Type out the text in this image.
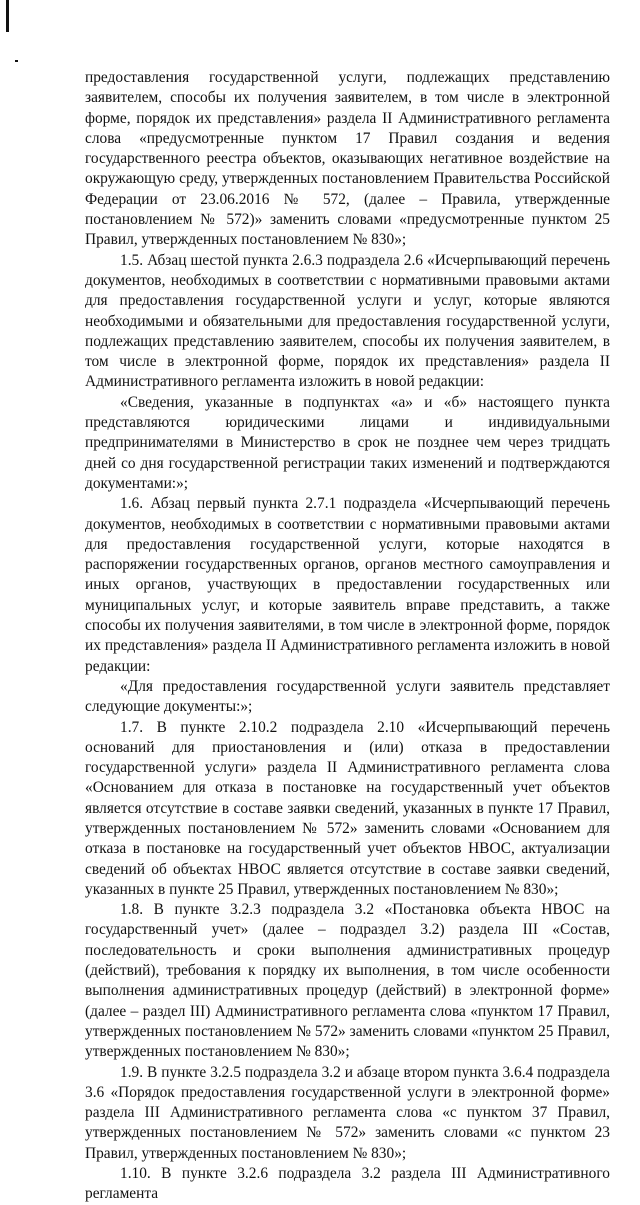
предоставления государственной услуги, подлежащих представлению заявителем, способы их получения заявителем, в том числе в электронной форме, порядок их представления» раздела II Административного регламента слова «предусмотренные пунктом 17 Правил создания и ведения государственного реестра объектов, оказывающих негативное воздействие на окружающую среду, утвержденных постановлением Правительства Российской Федерации от 23.06.2016 № 572, (далее – Правила, утвержденные постановлением № 572)» заменить словами «предусмотренные пунктом 25 Правил, утвержденных постановлением № 830»;

1.5. Абзац шестой пункта 2.6.3 подраздела 2.6 «Исчерпывающий перечень документов, необходимых в соответствии с нормативными правовыми актами для предоставления государственной услуги и услуг, которые являются необходимыми и обязательными для предоставления государственной услуги, подлежащих представлению заявителем, способы их получения заявителем, в том числе в электронной форме, порядок их представления» раздела II Административного регламента изложить в новой редакции:

«Сведения, указанные в подпунктах «а» и «б» настоящего пункта представляются юридическими лицами и индивидуальными предпринимателями в Министерство в срок не позднее чем через тридцать дней со дня государственной регистрации таких изменений и подтверждаются документами:»;

1.6. Абзац первый пункта 2.7.1 подраздела «Исчерпывающий перечень документов, необходимых в соответствии с нормативными правовыми актами для предоставления государственной услуги, которые находятся в распоряжении государственных органов, органов местного самоуправления и иных органов, участвующих в предоставлении государственных или муниципальных услуг, и которые заявитель вправе представить, а также способы их получения заявителями, в том числе в электронной форме, порядок их представления» раздела II Административного регламента изложить в новой редакции:

«Для предоставления государственной услуги заявитель представляет следующие документы:»;

1.7. В пункте 2.10.2 подраздела 2.10 «Исчерпывающий перечень оснований для приостановления и (или) отказа в предоставлении государственной услуги» раздела II Административного регламента слова «Основанием для отказа в постановке на государственный учет объектов является отсутствие в составе заявки сведений, указанных в пункте 17 Правил, утвержденных постановлением № 572» заменить словами «Основанием для отказа в постановке на государственный учет объектов НВОС, актуализации сведений об объектах НВОС является отсутствие в составе заявки сведений, указанных в пункте 25 Правил, утвержденных постановлением № 830»;

1.8. В пункте 3.2.3 подраздела 3.2 «Постановка объекта НВОС на государственный учет» (далее – подраздел 3.2) раздела III «Состав, последовательность и сроки выполнения административных процедур (действий), требования к порядку их выполнения, в том числе особенности выполнения административных процедур (действий) в электронной форме» (далее – раздел III) Административного регламента слова «пунктом 17 Правил, утвержденных постановлением № 572» заменить словами «пунктом 25 Правил, утвержденных постановлением № 830»;

1.9. В пункте 3.2.5 подраздела 3.2 и абзаце втором пункта 3.6.4 подраздела 3.6 «Порядок предоставления государственной услуги в электронной форме» раздела III Административного регламента слова «с пунктом 37 Правил, утвержденных постановлением № 572» заменить словами «с пунктом 23 Правил, утвержденных постановлением № 830»;

1.10. В пункте 3.2.6 подраздела 3.2 раздела III Административного регламента
